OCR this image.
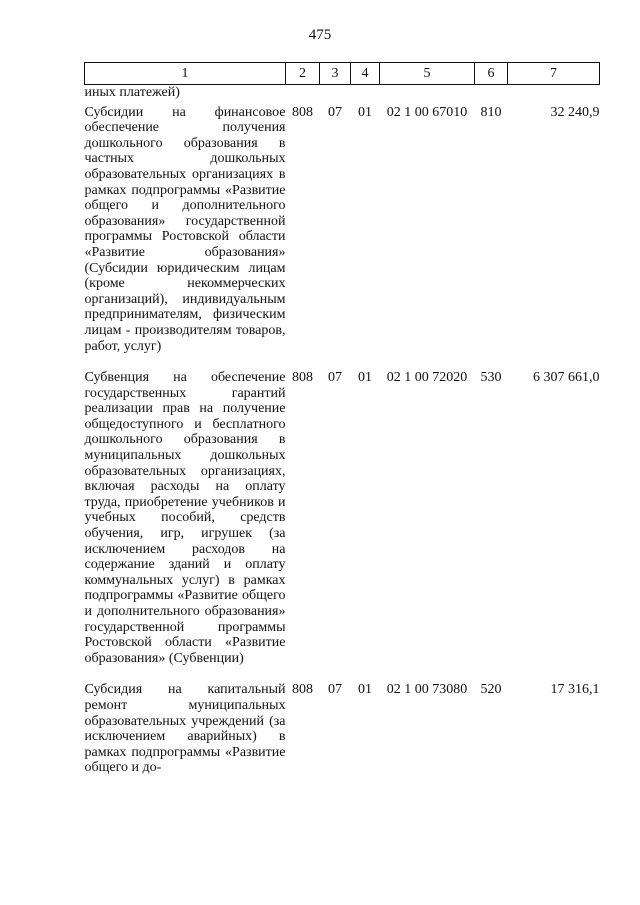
475
1	2	3	4	5	6	7
иных платежей)						
Субсидии на финансовое обеспечение получения дошкольного образования в частных дошкольных образовательных организациях в рамках подпрограммы «Развитие общего и дополнительного образования» государственной программы Ростовской области «Развитие образования» (Субсидии юридическим лицам (кроме некоммерческих организаций), индивидуальным предпринимателям, физическим лицам - производителям товаров, работ, услуг)	808	07	01	02 1 00 67010	810	32 240,9
Субвенция на обеспечение государственных гарантий реализации прав на получение общедоступного и бесплатного дошкольного образования в муниципальных дошкольных образовательных организациях, включая расходы на оплату труда, приобретение учебников и учебных пособий, средств обучения, игр, игрушек (за исключением расходов на содержание зданий и оплату коммунальных услуг) в рамках подпрограммы «Развитие общего и дополнительного образования» государственной программы Ростовской области «Развитие образования» (Субвенции)	808	07	01	02 1 00 72020	530	6 307 661,0
Субсидия на капитальный ремонт муниципальных образовательных учреждений (за исключением аварийных) в рамках подпрограммы «Развитие общего и до-	808	07	01	02 1 00 73080	520	17 316,1
